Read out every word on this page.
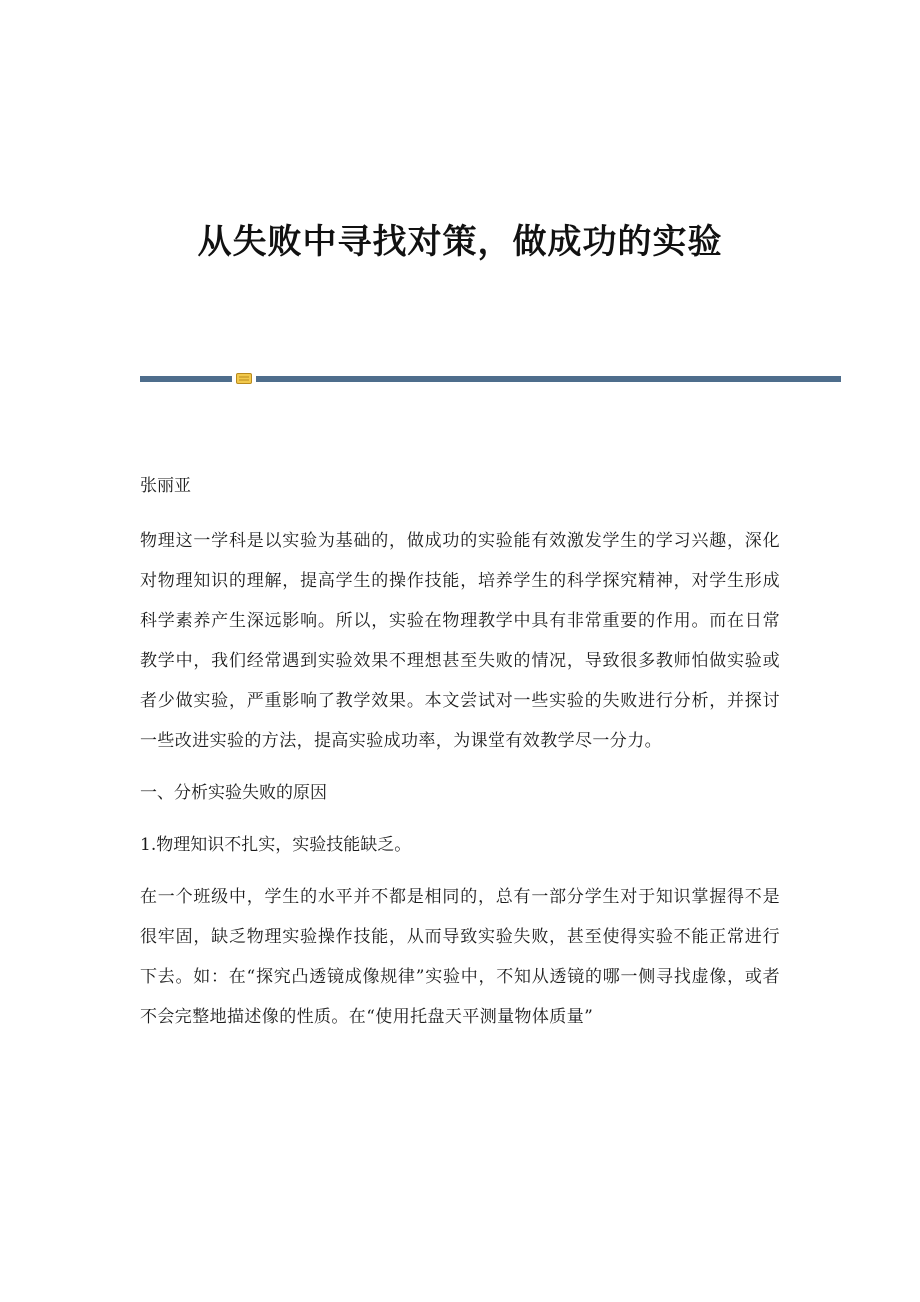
从失败中寻找对策，做成功的实验

张丽亚

物理这一学科是以实验为基础的，做成功的实验能有效激发学生的学习兴趣，深化对物理知识的理解，提高学生的操作技能，培养学生的科学探究精神，对学生形成科学素养产生深远影响。所以，实验在物理教学中具有非常重要的作用。而在日常教学中，我们经常遇到实验效果不理想甚至失败的情况，导致很多教师怕做实验或者少做实验，严重影响了教学效果。本文尝试对一些实验的失败进行分析，并探讨一些改进实验的方法，提高实验成功率，为课堂有效教学尽一分力。

一、分析实验失败的原因

1.物理知识不扎实，实验技能缺乏。

在一个班级中，学生的水平并不都是相同的，总有一部分学生对于知识掌握得不是很牢固，缺乏物理实验操作技能，从而导致实验失败，甚至使得实验不能正常进行下去。如：在“探究凸透镜成像规律”实验中，不知从透镜的哪一侧寻找虚像，或者不会完整地描述像的性质。在“使用托盘天平测量物体质量”
